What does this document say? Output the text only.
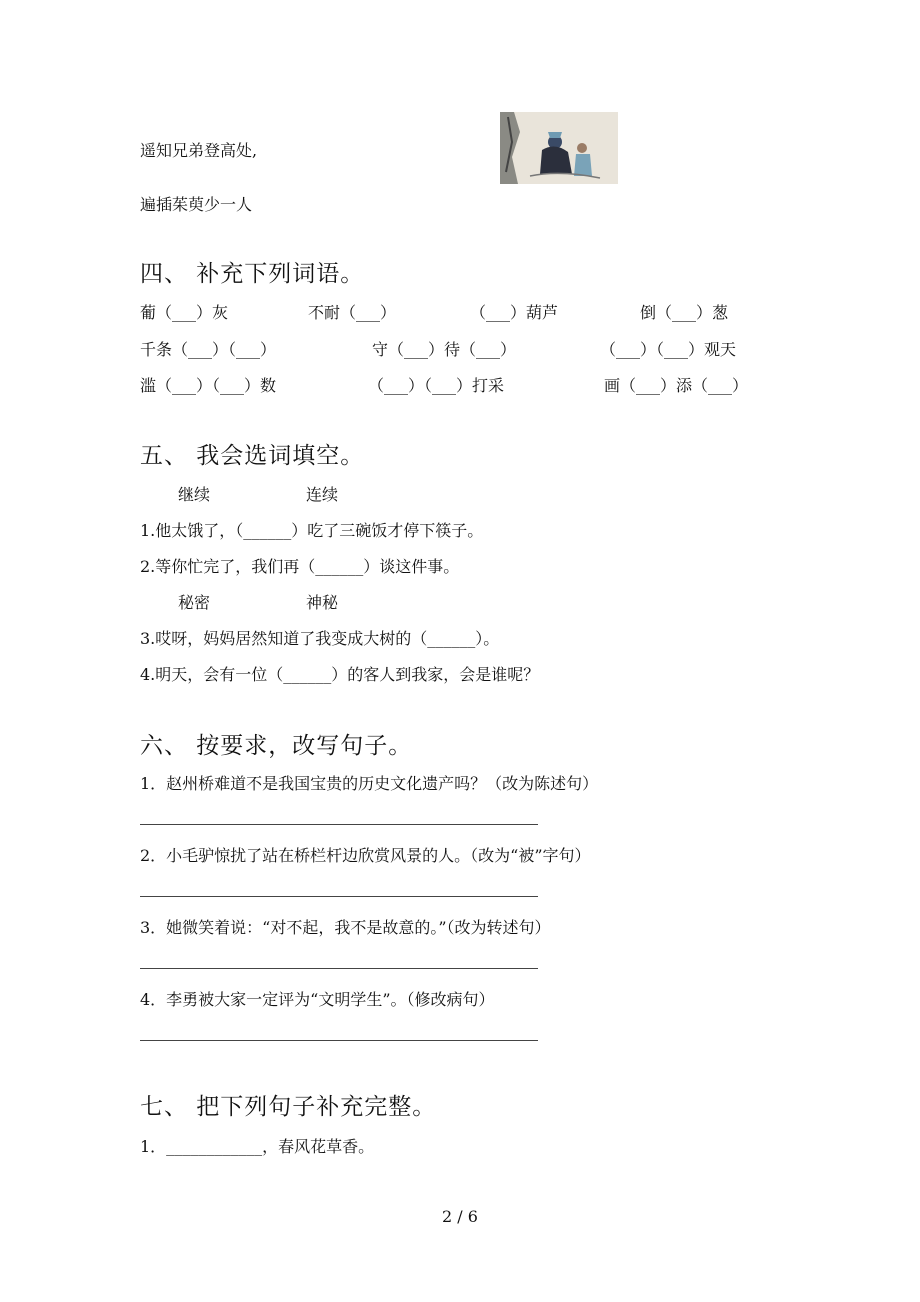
遥知兄弟登高处,
遍插茱萸少一人
四、 补充下列词语。
葡（___）灰	不耐（___）	（___）葫芦	倒（___）葱
千条（___）（___）	守（___）待（___）	（___）（___）观天
滥（___）（___）数	（___）（___）打采	画（___）添（___）
五、 我会选词填空。
继续	连续
1.他太饿了，（______）吃了三碗饭才停下筷子。
2.等你忙完了，我们再（______）谈这件事。
秘密	神秘
3.哎呀，妈妈居然知道了我变成大树的（______）。
4.明天，会有一位（______）的客人到我家，会是谁呢？
六、 按要求，改写句子。
1．赵州桥难道不是我国宝贵的历史文化遗产吗？（改为陈述句）
2．小毛驴惊扰了站在桥栏杆边欣赏风景的人。（改为“被”字句）
3．她微笑着说：“对不起，我不是故意的。”（改为转述句）
4．李勇被大家一定评为“文明学生”。（修改病句）
七、 把下列句子补充完整。
1．____________，春风花草香。
2 / 6
